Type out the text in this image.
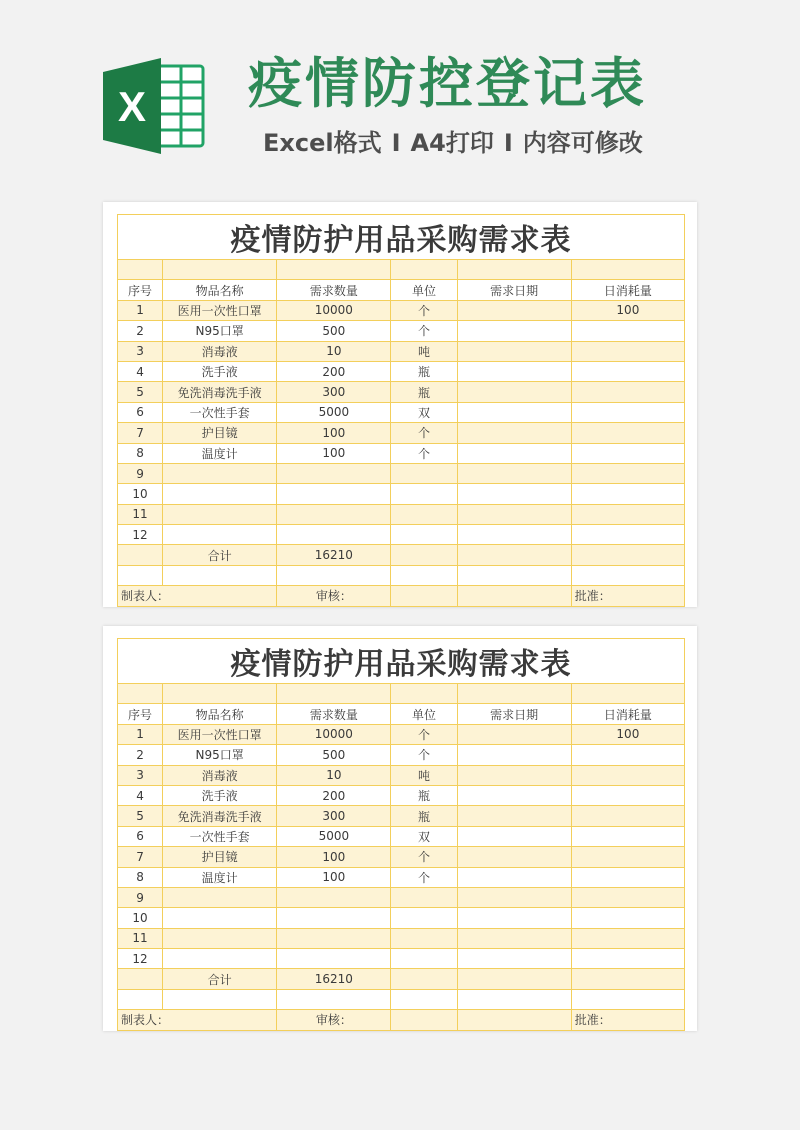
X 疫情防控登记表
Excel格式 I A4打印 I 内容可修改
疫情防护用品采购需求表					

序号	物品名称	需求数量	单位	需求日期	日消耗量
1	医用一次性口罩	10000	个		100
2	N95口罩	500	个		
3	消毒液	10	吨		
4	洗手液	200	瓶		
5	免洗消毒洗手液	300	瓶		
6	一次性手套	5000	双		
7	护目镜	100	个		
8	温度计	100	个		
9					
10					
11					
12					
	合计	16210			

制表人：		审核：			批准：
疫情防护用品采购需求表					

序号	物品名称	需求数量	单位	需求日期	日消耗量
1	医用一次性口罩	10000	个		100
2	N95口罩	500	个		
3	消毒液	10	吨		
4	洗手液	200	瓶		
5	免洗消毒洗手液	300	瓶		
6	一次性手套	5000	双		
7	护目镜	100	个		
8	温度计	100	个		
9					
10					
11					
12					
	合计	16210			

制表人：		审核：			批准：
